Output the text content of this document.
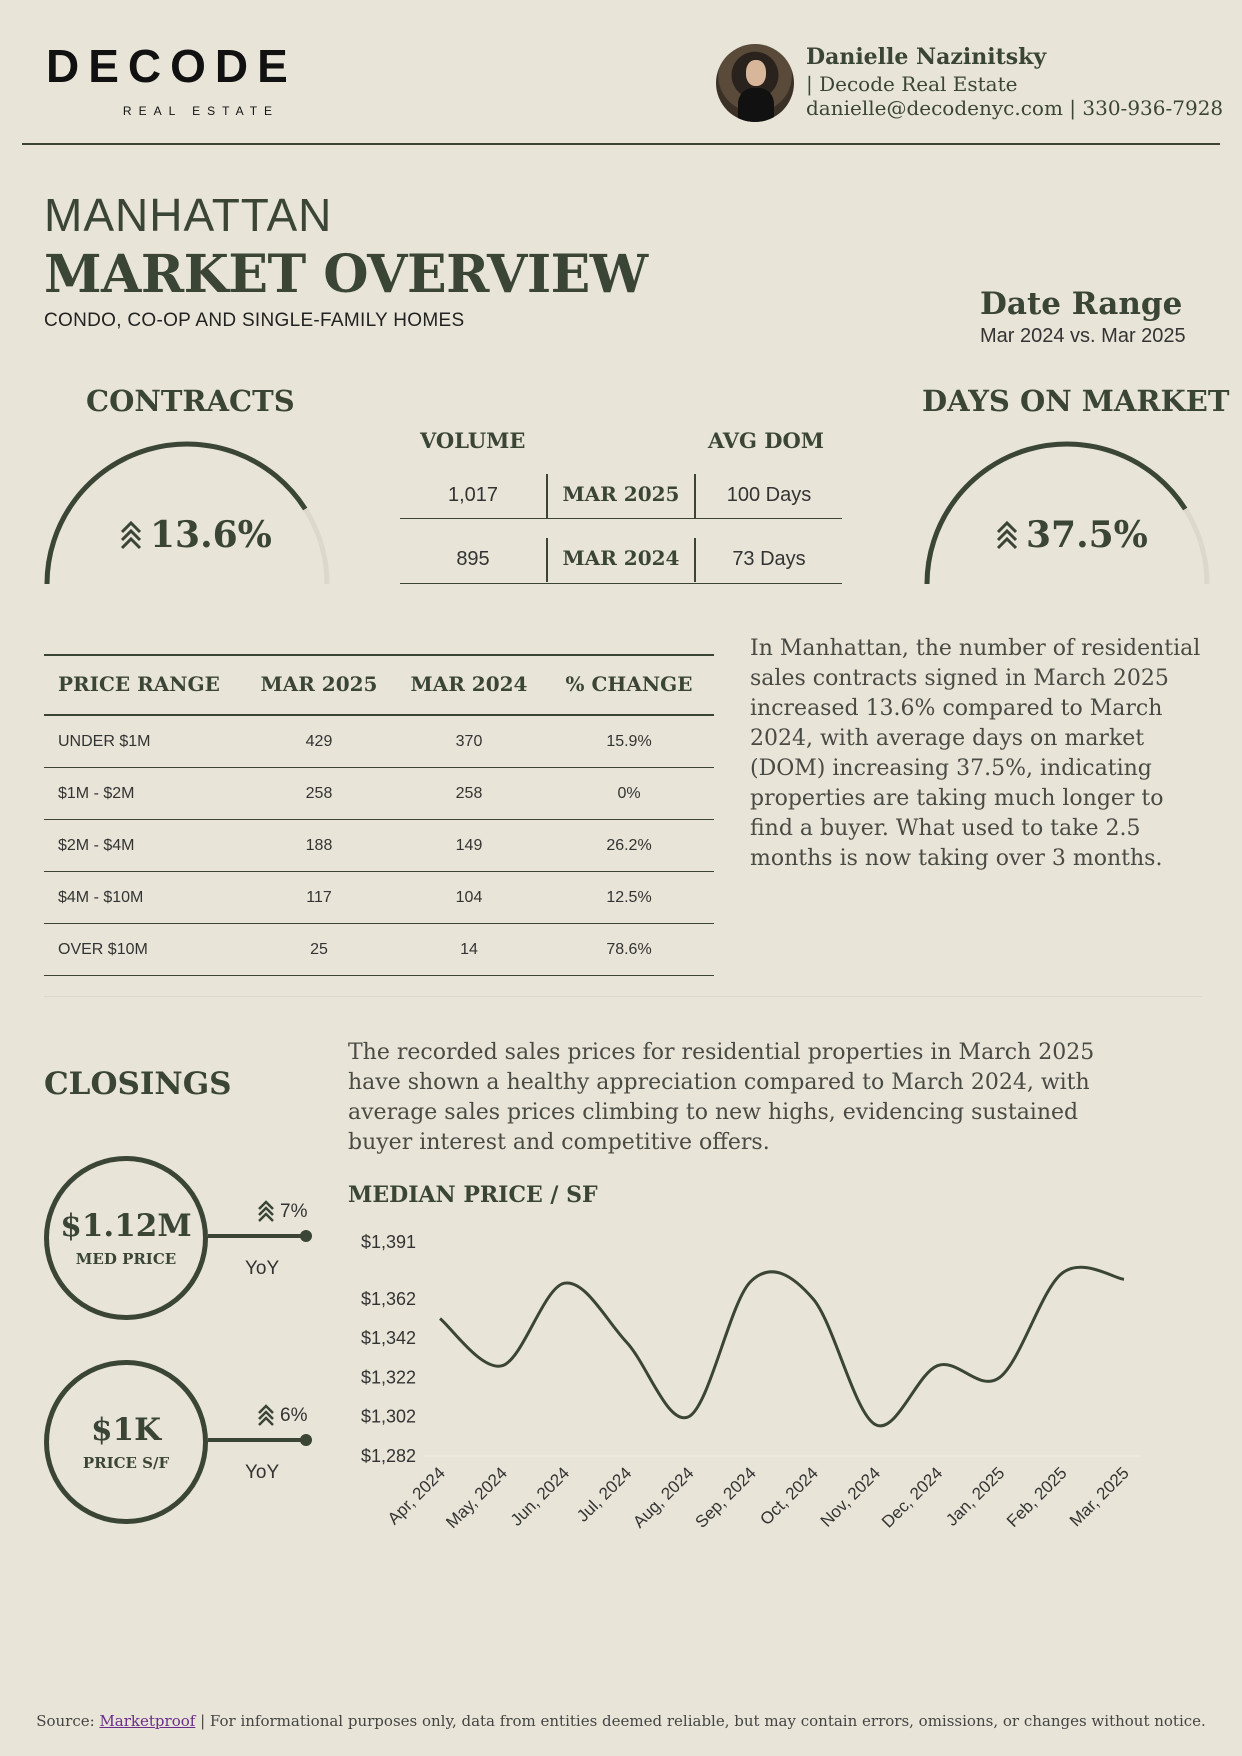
DECODE
REAL ESTATE
Danielle Nazinitsky
| Decode Real Estate
danielle@decodenyc.com | 330-936-7928
MANHATTAN
MARKET OVERVIEW
CONDO, CO-OP AND SINGLE-FAMILY HOMES	Date Range
Mar 2024 vs. Mar 2025
CONTRACTS
13.6%
VOLUME	AVG DOM
1,017	MAR 2025	100 Days
895	MAR 2024	73 Days
DAYS ON MARKET
37.5%
PRICE RANGE	MAR 2025	MAR 2024	% CHANGE
UNDER $1M	429	370	15.9%
$1M - $2M	258	258	0%
$2M - $4M	188	149	26.2%
$4M - $10M	117	104	12.5%
OVER $10M	25	14	78.6%
In Manhattan, the number of residential sales contracts signed in March 2025 increased 13.6% compared to March 2024, with average days on market (DOM) increasing 37.5%, indicating properties are taking much longer to find a buyer. What used to take 2.5 months is now taking over 3 months.
CLOSINGS
The recorded sales prices for residential properties in March 2025 have shown a healthy appreciation compared to March 2024, with average sales prices climbing to new highs, evidencing sustained buyer interest and competitive offers.
$1.12M
MED PRICE
7%
YoY
$1K
PRICE S/F
6%
YoY
MEDIAN PRICE / SF
$1,391
$1,362
$1,342
$1,322
$1,302
$1,282
Apr, 2024
May, 2024
Jun, 2024 Jul, 2024
Aug, 2024
Sep, 2024
Oct, 2024
Nov, 2024
Dec, 2024
Jan, 2025
Feb, 2025
Mar, 2025
Source: Marketproof | For informational purposes only, data from entities deemed reliable, but may contain errors, omissions, or changes without notice.
